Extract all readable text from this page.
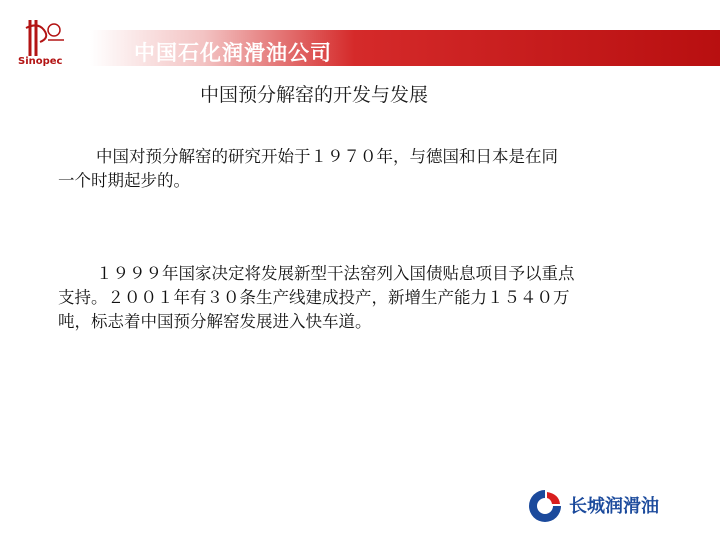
Sinopec	中国石化润滑油公司
中国预分解窑的开发与发展
中国对预分解窑的研究开始于１９７０年，与德国和日本是在同
一个时期起步的。
１９９９年国家决定将发展新型干法窑列入国债贴息项目予以重点
支持。２００１年有３０条生产线建成投产，新增生产能力１５４０万
吨，标志着中国预分解窑发展进入快车道。
长城润滑油
